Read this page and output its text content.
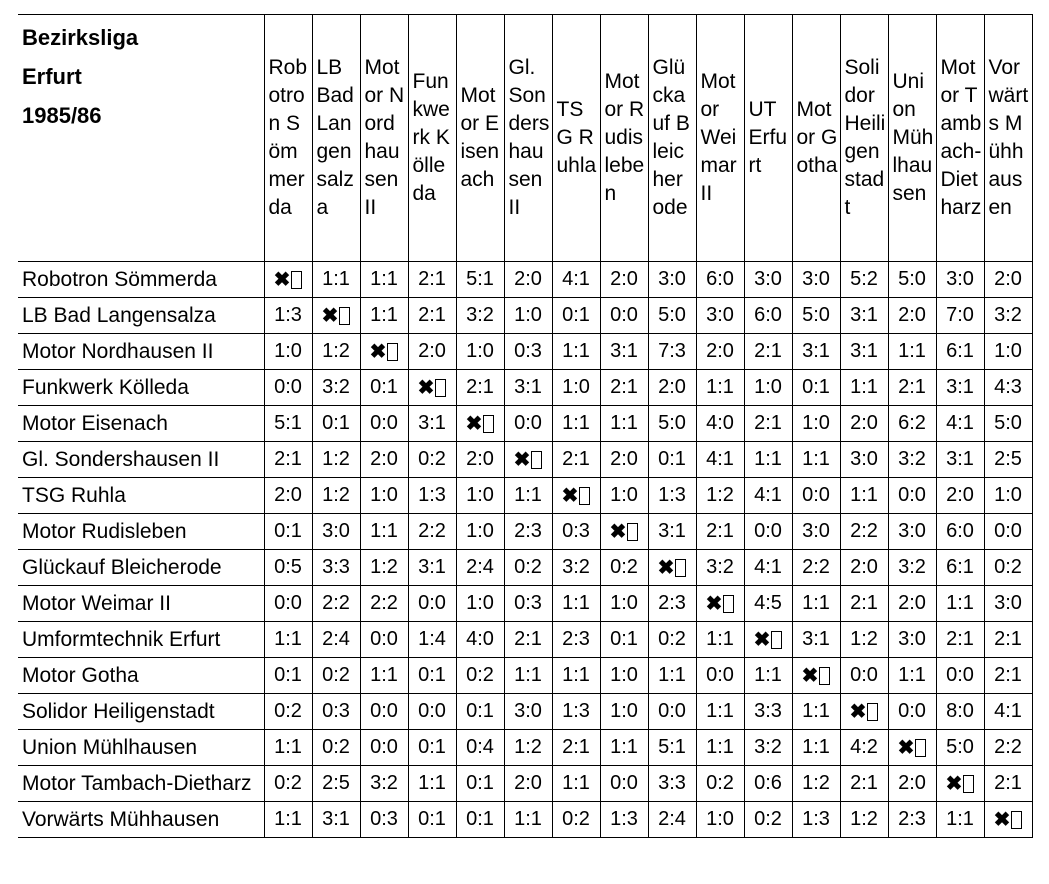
Bezirksliga
Erfurt
1985/86	Robotron Sömmerda	LB Bad Langensalza	Motor Nordhausen II	Funkwerk Kölleda	Motor Eisenach	Gl. Sondershausen II	TSG Ruhla	Motor Rudisleben	Glückauf Bleicherode	Motor Weimar II	UT Erfurt	Motor Gotha	Solidor Heiligenstadt	Union Mühlhausen	Motor Tambach-Dietharz	Vorwärts Mühhausen
Robotron Sömmerda	✖	1:1	1:1	2:1	5:1	2:0	4:1	2:0	3:0	6:0	3:0	3:0	5:2	5:0	3:0	2:0
LB Bad Langensalza	1:3	✖	1:1	2:1	3:2	1:0	0:1	0:0	5:0	3:0	6:0	5:0	3:1	2:0	7:0	3:2
Motor Nordhausen II	1:0	1:2	✖	2:0	1:0	0:3	1:1	3:1	7:3	2:0	2:1	3:1	3:1	1:1	6:1	1:0
Funkwerk Kölleda	0:0	3:2	0:1	✖	2:1	3:1	1:0	2:1	2:0	1:1	1:0	0:1	1:1	2:1	3:1	4:3
Motor Eisenach	5:1	0:1	0:0	3:1	✖	0:0	1:1	1:1	5:0	4:0	2:1	1:0	2:0	6:2	4:1	5:0
Gl. Sondershausen II	2:1	1:2	2:0	0:2	2:0	✖	2:1	2:0	0:1	4:1	1:1	1:1	3:0	3:2	3:1	2:5
TSG Ruhla	2:0	1:2	1:0	1:3	1:0	1:1	✖	1:0	1:3	1:2	4:1	0:0	1:1	0:0	2:0	1:0
Motor Rudisleben	0:1	3:0	1:1	2:2	1:0	2:3	0:3	✖	3:1	2:1	0:0	3:0	2:2	3:0	6:0	0:0
Glückauf Bleicherode	0:5	3:3	1:2	3:1	2:4	0:2	3:2	0:2	✖	3:2	4:1	2:2	2:0	3:2	6:1	0:2
Motor Weimar II	0:0	2:2	2:2	0:0	1:0	0:3	1:1	1:0	2:3	✖	4:5	1:1	2:1	2:0	1:1	3:0
Umformtechnik Erfurt	1:1	2:4	0:0	1:4	4:0	2:1	2:3	0:1	0:2	1:1	✖	3:1	1:2	3:0	2:1	2:1
Motor Gotha	0:1	0:2	1:1	0:1	0:2	1:1	1:1	1:0	1:1	0:0	1:1	✖	0:0	1:1	0:0	2:1
Solidor Heiligenstadt	0:2	0:3	0:0	0:0	0:1	3:0	1:3	1:0	0:0	1:1	3:3	1:1	✖	0:0	8:0	4:1
Union Mühlhausen	1:1	0:2	0:0	0:1	0:4	1:2	2:1	1:1	5:1	1:1	3:2	1:1	4:2	✖	5:0	2:2
Motor Tambach-Dietharz	0:2	2:5	3:2	1:1	0:1	2:0	1:1	0:0	3:3	0:2	0:6	1:2	2:1	2:0	✖	2:1
Vorwärts Mühhausen	1:1	3:1	0:3	0:1	0:1	1:1	0:2	1:3	2:4	1:0	0:2	1:3	1:2	2:3	1:1	✖
